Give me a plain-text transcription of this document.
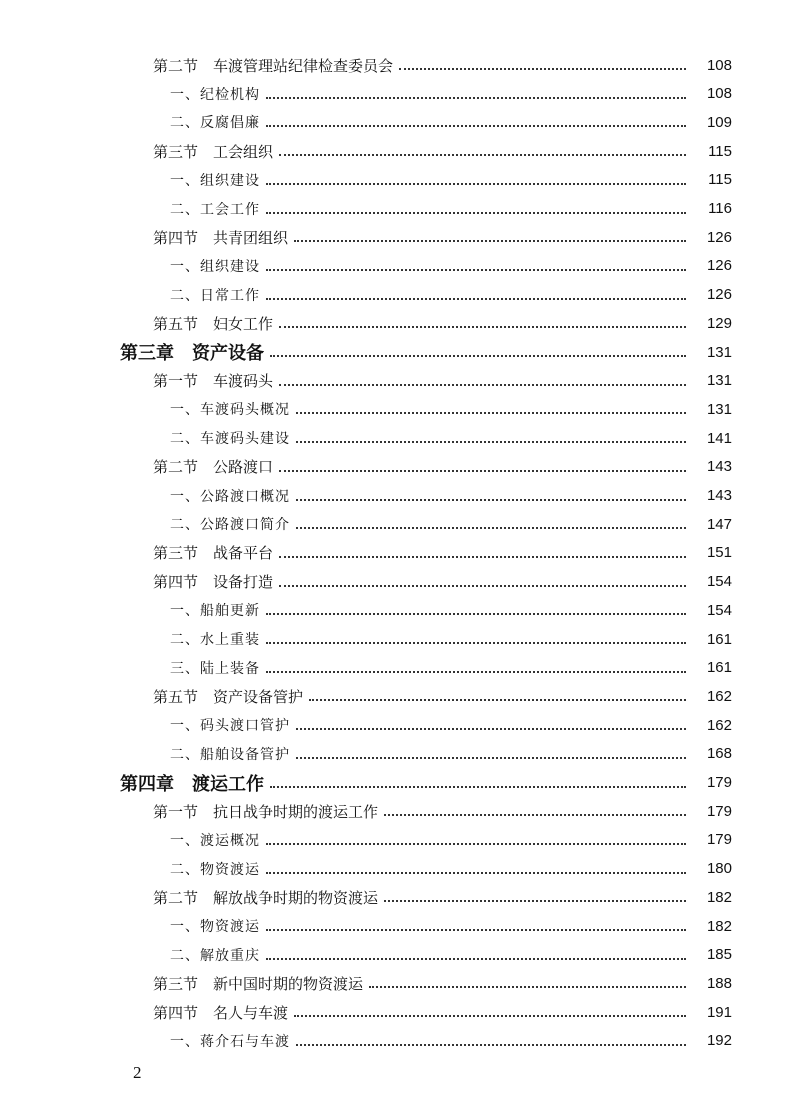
第二节　车渡管理站纪律检查委员会	108
一、纪检机构	108
二、反腐倡廉	109
第三节　工会组织	115
一、组织建设	115
二、工会工作	116
第四节　共青团组织	126
一、组织建设	126
二、日常工作	126
第五节　妇女工作	129
第三章　资产设备	131
第一节　车渡码头	131
一、车渡码头概况	131
二、车渡码头建设	141
第二节　公路渡口	143
一、公路渡口概况	143
二、公路渡口简介	147
第三节　战备平台	151
第四节　设备打造	154
一、船舶更新	154
二、水上重装	161
三、陆上装备	161
第五节　资产设备管护	162
一、码头渡口管护	162
二、船舶设备管护	168
第四章　渡运工作	179
第一节　抗日战争时期的渡运工作	179
一、渡运概况	179
二、物资渡运	180
第二节　解放战争时期的物资渡运	182
一、物资渡运	182
二、解放重庆	185
第三节　新中国时期的物资渡运	188
第四节　名人与车渡	191
一、蒋介石与车渡	192
2
